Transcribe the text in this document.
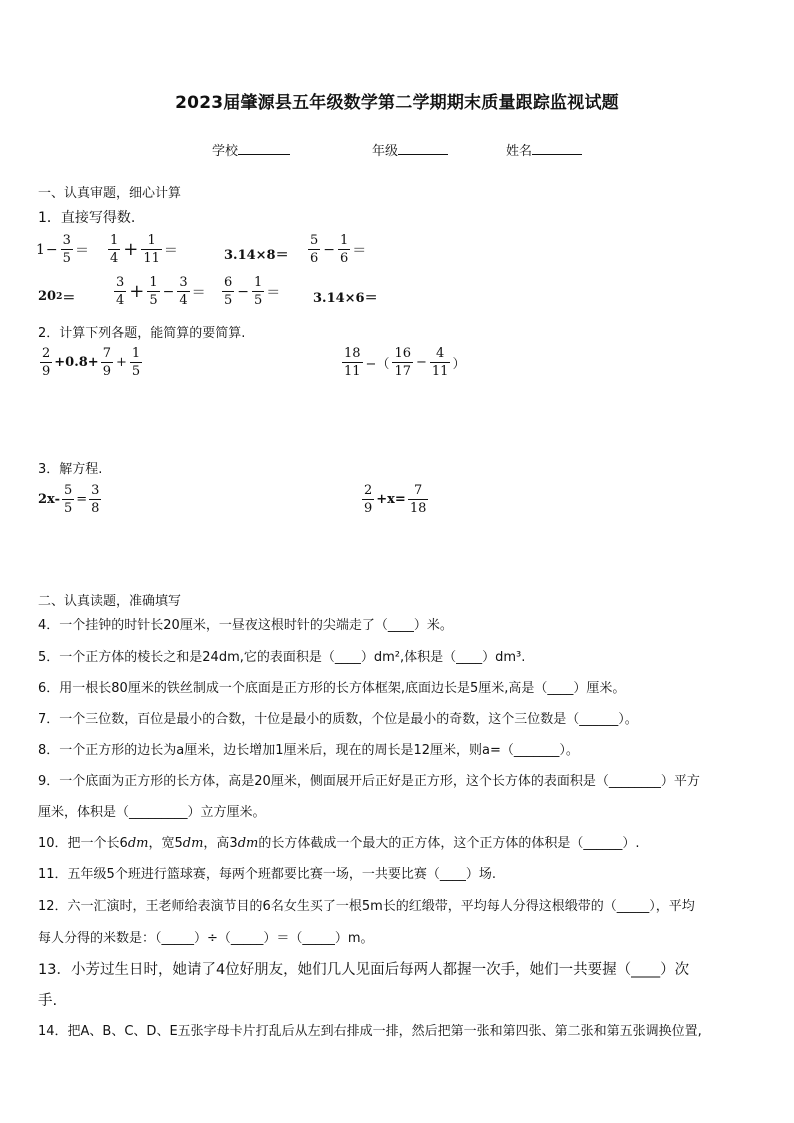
2023届肇源县五年级数学第二学期期末质量跟踪监视试题
学校	年级	姓名
一、认真审题，细心计算
1．直接写得数.
$1 - \frac{3}{5} = \frac{1}{4} + \frac{1}{11}$ ＝	$3.14\times 8= \frac{5}{6} - \frac{1}{6}$ ＝
20 2 ＝	$\frac{3}{4} + \frac{1}{5} - \frac{3}{4} = \frac{6}{5} - \frac{1}{5}$ ＝	3.14×6＝
2．计算下列各题，能简算的要简算.
$\frac{2}{9} +0.8+ \frac{7}{9} + \frac{1}{5}$	$\frac{18}{11}$ −（ $\frac{16}{17} - \frac{4}{11}$ ）
3．解方程.
$2x- \frac{5}{5} = \frac{3}{8}$	$\frac{2}{9} +x= \frac{7}{18}$
二、认真读题，准确填写
4．一个挂钟的时针长20厘米，一昼夜这根时针的尖端走了（____）米。
5．一个正方体的棱长之和是24dm,它的表面积是（____）dm²,体积是（____）dm³.
6．用一根长80厘米的铁丝制成一个底面是正方形的长方体框架,底面边长是5厘米,高是（____）厘米。
7．一个三位数，百位是最小的合数，十位是最小的质数，个位是最小的奇数，这个三位数是（______）。
8．一个正方形的边长为a厘米，边长增加1厘米后，现在的周长是12厘米，则a=（_______）。
9．一个底面为正方形的长方体，高是20厘米，侧面展开后正好是正方形，这个长方体的表面积是（________）平方
厘米，体积是（_________）立方厘米。
10．把一个长6dm，宽5dm，高3dm的长方体截成一个最大的正方体，这个正方体的体积是（______）.
11．五年级5个班进行篮球赛，每两个班都要比赛一场，一共要比赛（____）场.
12．六一汇演时，王老师给表演节目的6名女生买了一根5m长的红缎带，平均每人分得这根缎带的（_____），平均
每人分得的米数是：（_____）÷（_____）＝（_____）m。
13．小芳过生日时，她请了4位好朋友，她们几人见面后每两人都握一次手，她们一共要握（____）次
手.
14．把A、B、C、D、E五张字母卡片打乱后从左到右排成一排，然后把第一张和第四张、第二张和第五张调换位置,
